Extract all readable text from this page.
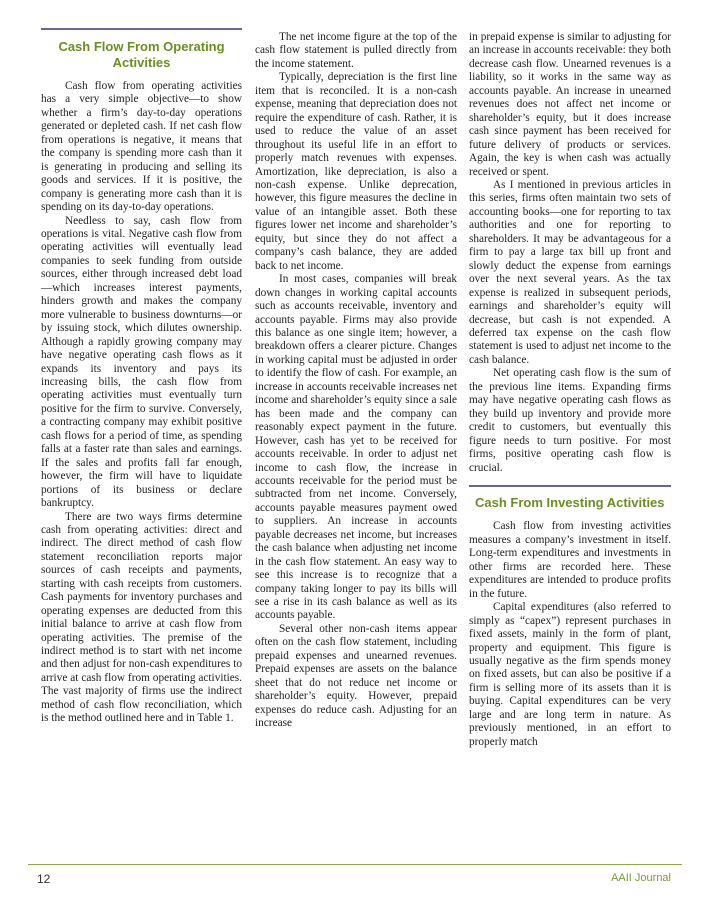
Cash Flow From Operating Activities

Cash flow from operating activities has a very simple objective—to show whether a firm’s day-to-day operations generated or depleted cash. If net cash flow from operations is negative, it means that the company is spending more cash than it is generating in producing and selling its goods and services. If it is positive, the company is generating more cash than it is spending on its day-to-day operations.

Needless to say, cash flow from operations is vital. Negative cash flow from operating activities will eventually lead companies to seek funding from outside sources, either through increased debt load—which increases interest payments, hinders growth and makes the company more vulnerable to business downturns—or by issuing stock, which dilutes ownership. Although a rapidly growing company may have negative operating cash flows as it expands its inventory and pays its increasing bills, the cash flow from operating activities must eventually turn positive for the firm to survive. Conversely, a contracting company may exhibit positive cash flows for a period of time, as spending falls at a faster rate than sales and earnings. If the sales and profits fall far enough, however, the firm will have to liquidate portions of its business or declare bankruptcy.

There are two ways firms determine cash from operating activities: direct and indirect. The direct method of cash flow statement reconciliation reports major sources of cash receipts and payments, starting with cash receipts from customers. Cash payments for inventory purchases and operating expenses are deducted from this initial balance to arrive at cash flow from operating activities. The premise of the indirect method is to start with net income and then adjust for non-cash expenditures to arrive at cash flow from operating activities. The vast majority of firms use the indirect method of cash flow reconciliation, which is the method outlined here and in Table 1.

The net income figure at the top of the cash flow statement is pulled directly from the income statement.

Typically, depreciation is the first line item that is reconciled. It is a non-cash expense, meaning that depreciation does not require the expenditure of cash. Rather, it is used to reduce the value of an asset throughout its useful life in an effort to properly match revenues with expenses. Amortization, like depreciation, is also a non-cash expense. Unlike deprecation, however, this figure measures the decline in value of an intangible asset. Both these figures lower net income and shareholder’s equity, but since they do not affect a company’s cash balance, they are added back to net income.

In most cases, companies will break down changes in working capital accounts such as accounts receivable, inventory and accounts payable. Firms may also provide this balance as one single item; however, a breakdown offers a clearer picture. Changes in working capital must be adjusted in order to identify the flow of cash. For example, an increase in accounts receivable increases net income and shareholder’s equity since a sale has been made and the company can reasonably expect payment in the future. However, cash has yet to be received for accounts receivable. In order to adjust net income to cash flow, the increase in accounts receivable for the period must be subtracted from net income. Conversely, accounts payable measures payment owed to suppliers. An increase in accounts payable decreases net income, but increases the cash balance when adjusting net income in the cash flow statement. An easy way to see this increase is to recognize that a company taking longer to pay its bills will see a rise in its cash balance as well as its accounts payable.

Several other non-cash items appear often on the cash flow statement, including prepaid expenses and unearned revenues. Prepaid expenses are assets on the balance sheet that do not reduce net income or shareholder’s equity. However, prepaid expenses do reduce cash. Adjusting for an increase

in prepaid expense is similar to adjusting for an increase in accounts receivable: they both decrease cash flow. Unearned revenues is a liability, so it works in the same way as accounts payable. An increase in unearned revenues does not affect net income or shareholder’s equity, but it does increase cash since payment has been received for future delivery of products or services. Again, the key is when cash was actually received or spent.

As I mentioned in previous articles in this series, firms often maintain two sets of accounting books—one for reporting to tax authorities and one for reporting to shareholders. It may be advantageous for a firm to pay a large tax bill up front and slowly deduct the expense from earnings over the next several years. As the tax expense is realized in subsequent periods, earnings and shareholder’s equity will decrease, but cash is not expended. A deferred tax expense on the cash flow statement is used to adjust net income to the cash balance.

Net operating cash flow is the sum of the previous line items. Expanding firms may have negative operating cash flows as they build up inventory and provide more credit to customers, but eventually this figure needs to turn positive. For most firms, positive operating cash flow is crucial.

Cash From Investing Activities

Cash flow from investing activities measures a company’s investment in itself. Long-term expenditures and investments in other firms are recorded here. These expenditures are intended to produce profits in the future.

Capital expenditures (also referred to simply as “capex”) represent purchases in fixed assets, mainly in the form of plant, property and equipment. This figure is usually negative as the firm spends money on fixed assets, but can also be positive if a firm is selling more of its assets than it is buying. Capital expenditures can be very large and are long term in nature. As previously mentioned, in an effort to properly match

12	AAII Journal
